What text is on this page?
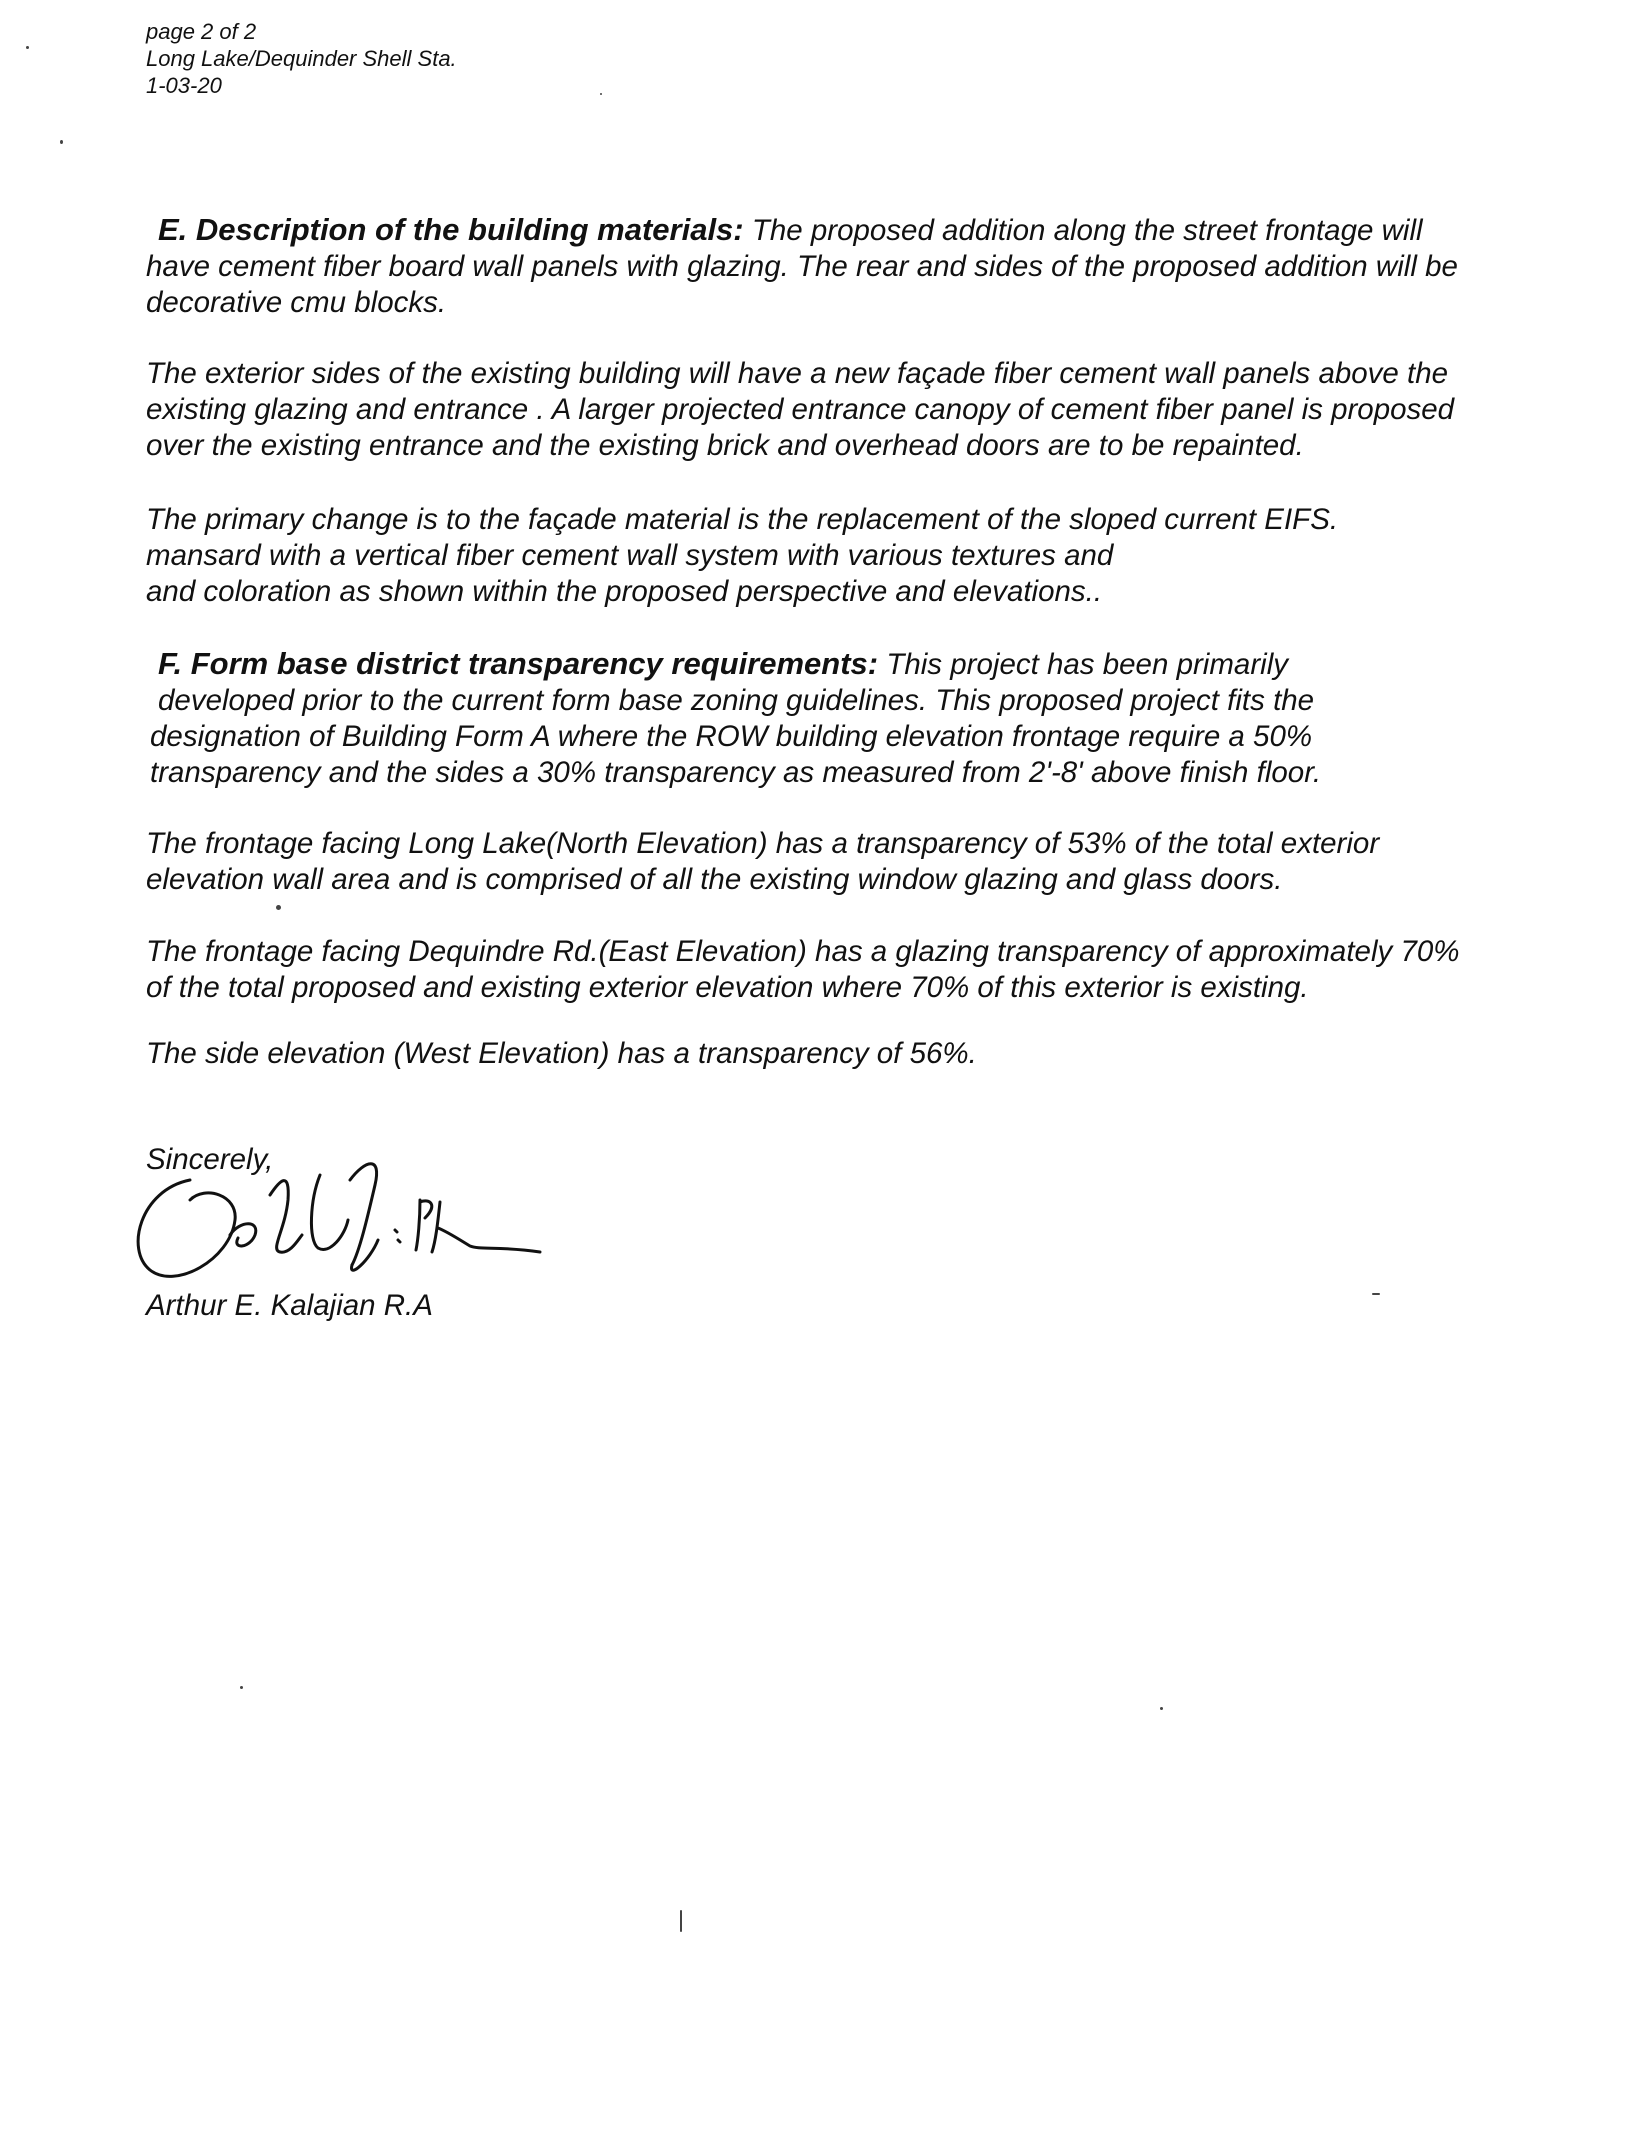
page 2 of 2
Long Lake/Dequinder Shell Sta.
1-03-20
E. Description of the building materials: The proposed addition along the street frontage will
have cement fiber board wall panels with glazing. The rear and sides of the proposed addition will be
decorative cmu blocks.
The exterior sides of the existing building will have a new façade fiber cement wall panels above the
existing glazing and entrance . A larger projected entrance canopy of cement fiber panel is proposed
over the existing entrance and the existing brick and overhead doors are to be repainted.
The primary change is to the façade material is the replacement of the sloped current EIFS.
mansard with a vertical fiber cement wall system with various textures and
and coloration as shown within the proposed perspective and elevations..
F. Form base district transparency requirements: This project has been primarily
developed prior to the current form base zoning guidelines. This proposed project fits the
designation of Building Form A where the ROW building elevation frontage require a 50%
transparency and the sides a 30% transparency as measured from 2'-8' above finish floor.
The frontage facing Long Lake(North Elevation) has a transparency of 53% of the total exterior
elevation wall area and is comprised of all the existing window glazing and glass doors.
The frontage facing Dequindre Rd.(East Elevation) has a glazing transparency of approximately 70%
of the total proposed and existing exterior elevation where 70% of this exterior is existing.
The side elevation (West Elevation) has a transparency of 56%.
Sincerely,
Arthur E. Kalajian R.A
